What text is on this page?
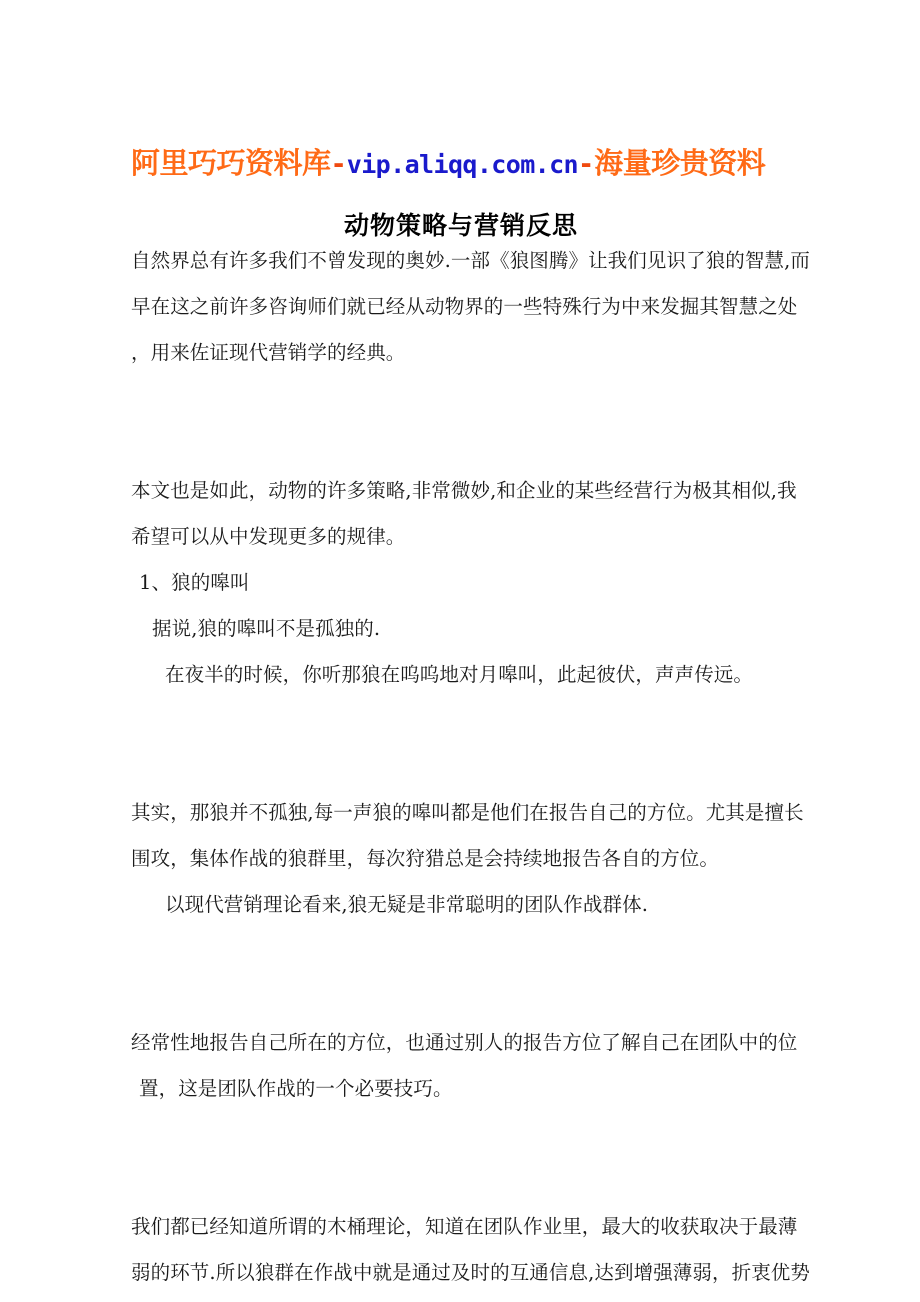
阿里巧巧资料库-vip.aliqq.com.cn-海量珍贵资料
动物策略与营销反思
自然界总有许多我们不曾发现的奥妙.一部《狼图腾》让我们见识了狼的智慧,而
早在这之前许多咨询师们就已经从动物界的一些特殊行为中来发掘其智慧之处
，用来佐证现代营销学的经典。

本文也是如此，动物的许多策略,非常微妙,和企业的某些经营行为极其相似,我
希望可以从中发现更多的规律。
1、狼的嗥叫
据说,狼的嗥叫不是孤独的.
在夜半的时候，你听那狼在呜呜地对月嗥叫，此起彼伏，声声传远。

其实，那狼并不孤独,每一声狼的嗥叫都是他们在报告自己的方位。尤其是擅长
围攻，集体作战的狼群里，每次狩猎总是会持续地报告各自的方位。
以现代营销理论看来,狼无疑是非常聪明的团队作战群体.

经常性地报告自己所在的方位，也通过别人的报告方位了解自己在团队中的位
置，这是团队作战的一个必要技巧。

我们都已经知道所谓的木桶理论，知道在团队作业里，最大的收获取决于最薄
弱的环节.所以狼群在作战中就是通过及时的互通信息,达到增强薄弱，折衷优势
